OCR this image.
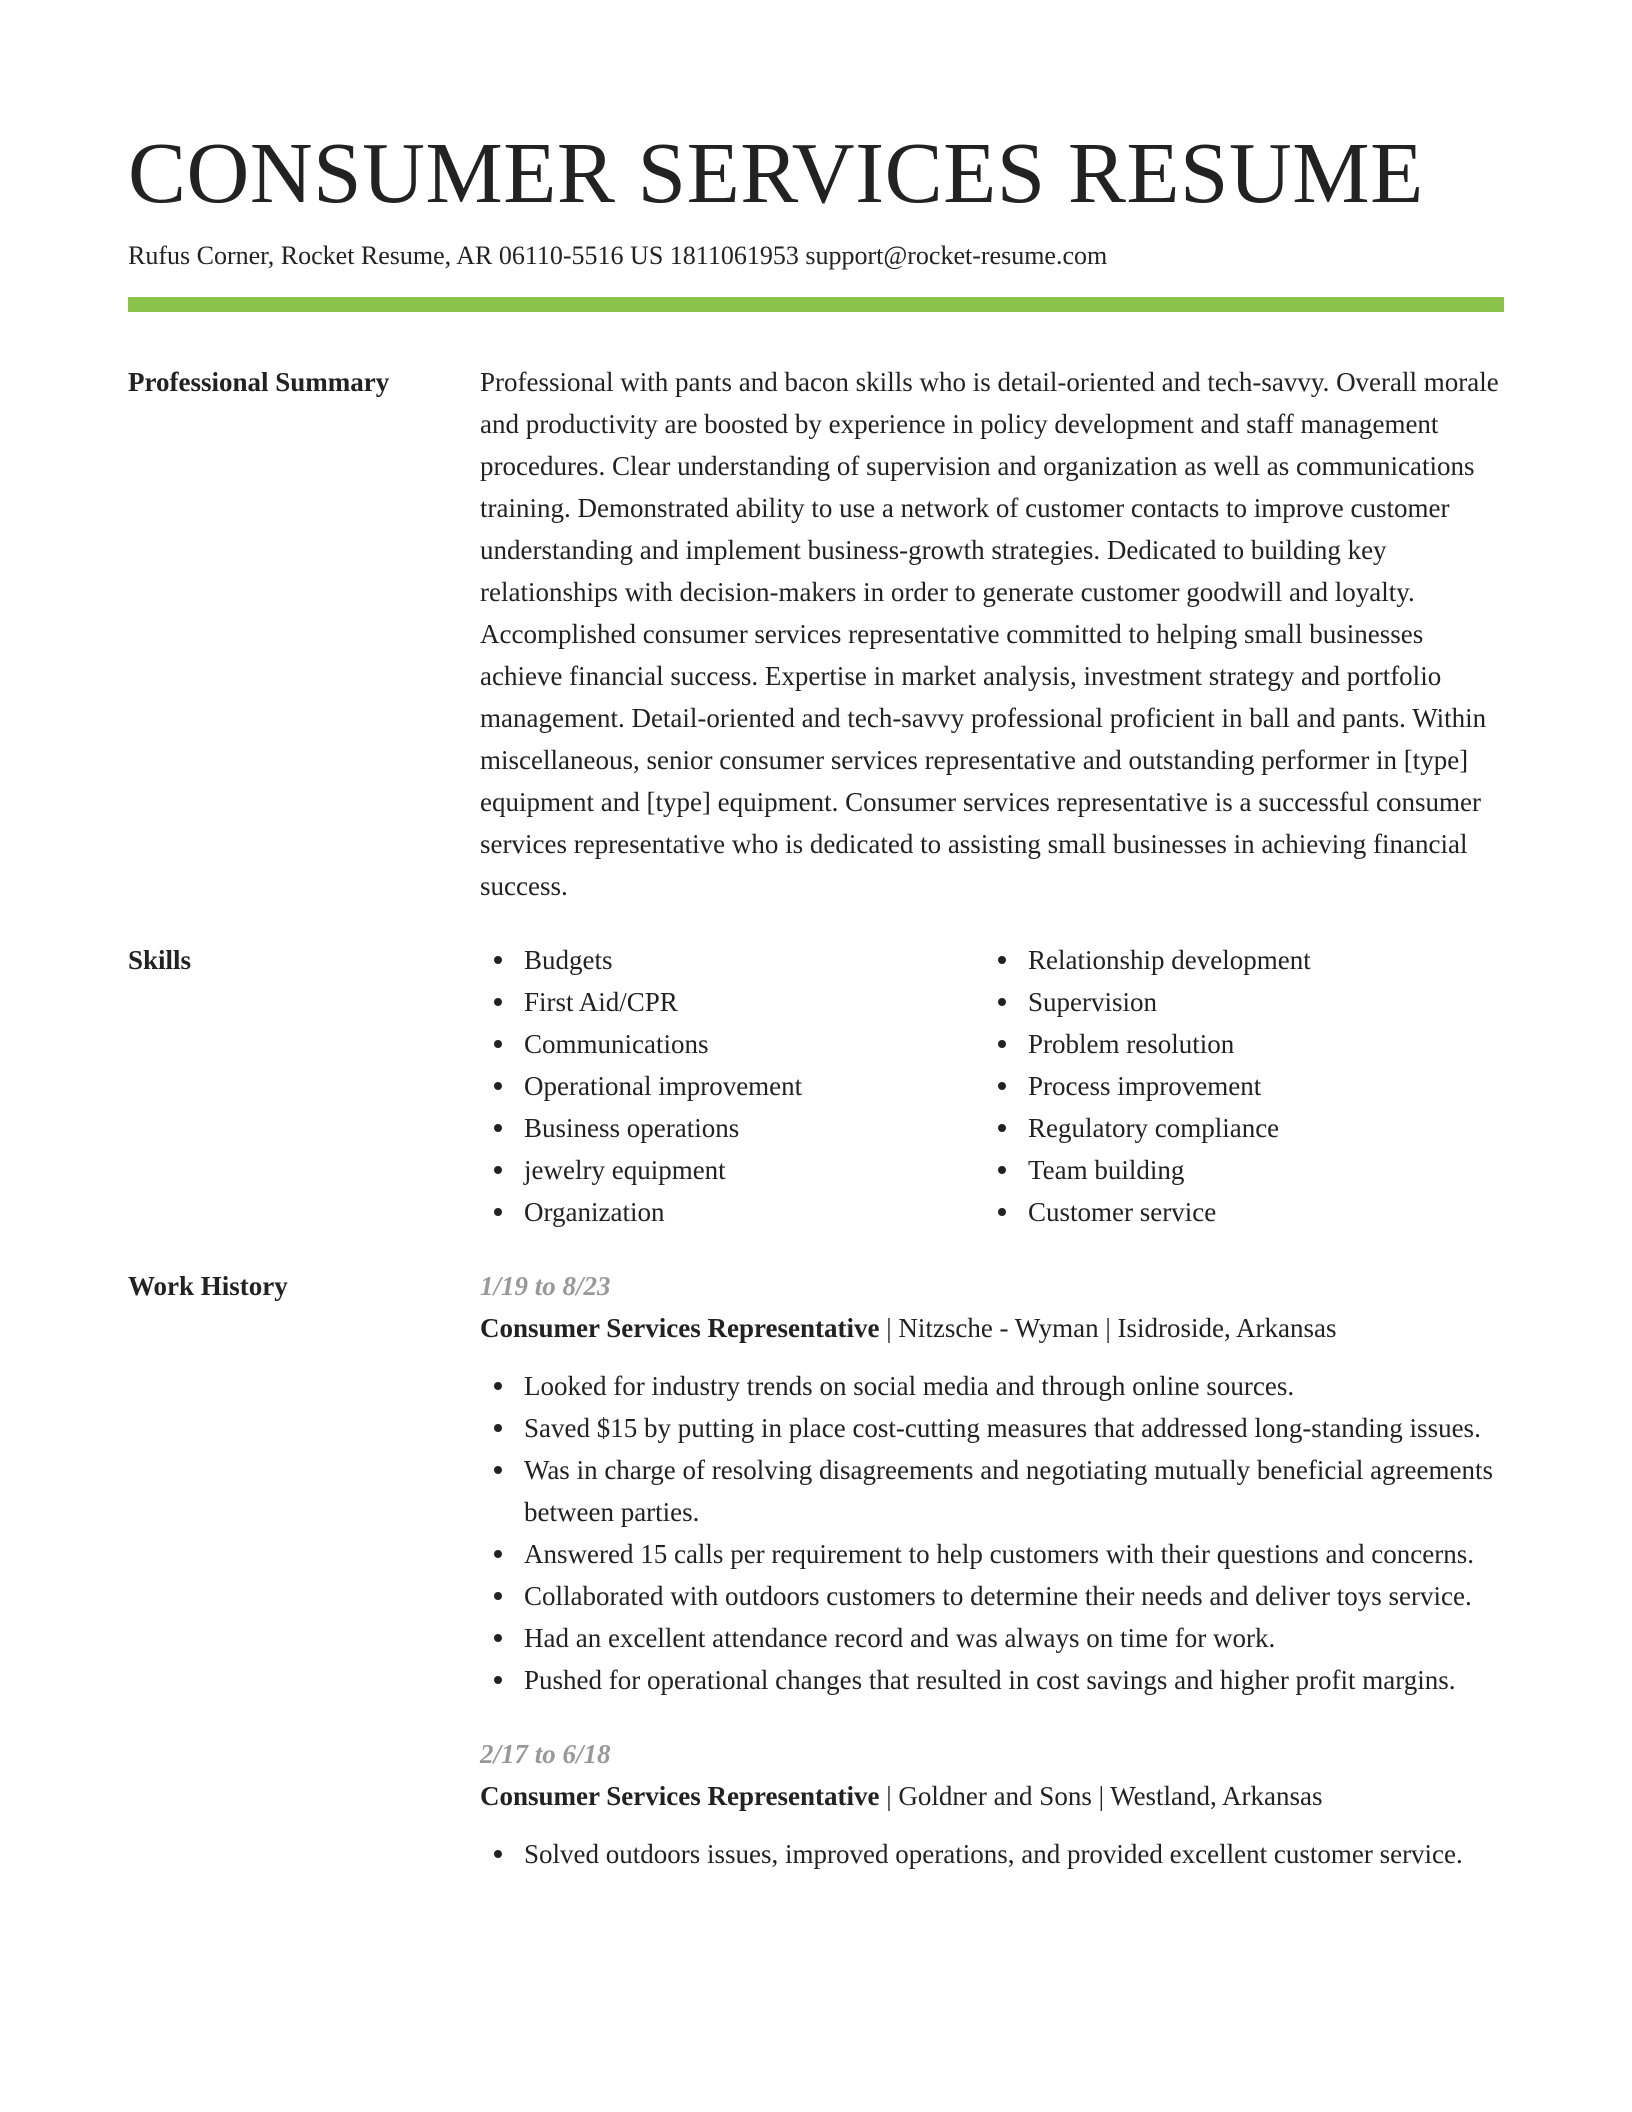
CONSUMER SERVICES RESUME
Rufus Corner, Rocket Resume, AR 06110-5516 US 1811061953 support@rocket-resume.com
Professional Summary	Professional with pants and bacon skills who is detail-oriented and tech-savvy. Overall morale and productivity are boosted by experience in policy development and staff management procedures. Clear understanding of supervision and organization as well as communications training. Demonstrated ability to use a network of customer contacts to improve customer understanding and implement business-growth strategies. Dedicated to building key relationships with decision-makers in order to generate customer goodwill and loyalty. Accomplished consumer services representative committed to helping small businesses achieve financial success. Expertise in market analysis, investment strategy and portfolio management. Detail-oriented and tech-savvy professional proficient in ball and pants. Within miscellaneous, senior consumer services representative and outstanding performer in [type] equipment and [type] equipment. Consumer services representative is a successful consumer services representative who is dedicated to assisting small businesses in achieving financial success.
Skills	Budgets
First Aid/CPR
Communications
Operational improvement
Business operations
jewelry equipment
Organization
Relationship development
Supervision
Problem resolution
Process improvement
Regulatory compliance
Team building
Customer service
Work History	1/19 to 8/23
Consumer Services Representative | Nitzsche - Wyman | Isidroside, Arkansas
Looked for industry trends on social media and through online sources.
Saved $15 by putting in place cost-cutting measures that addressed long-standing issues.
Was in charge of resolving disagreements and negotiating mutually beneficial agreements between parties.
Answered 15 calls per requirement to help customers with their questions and concerns.
Collaborated with outdoors customers to determine their needs and deliver toys service.
Had an excellent attendance record and was always on time for work.
Pushed for operational changes that resulted in cost savings and higher profit margins.
2/17 to 6/18
Consumer Services Representative | Goldner and Sons | Westland, Arkansas
Solved outdoors issues, improved operations, and provided excellent customer service.
